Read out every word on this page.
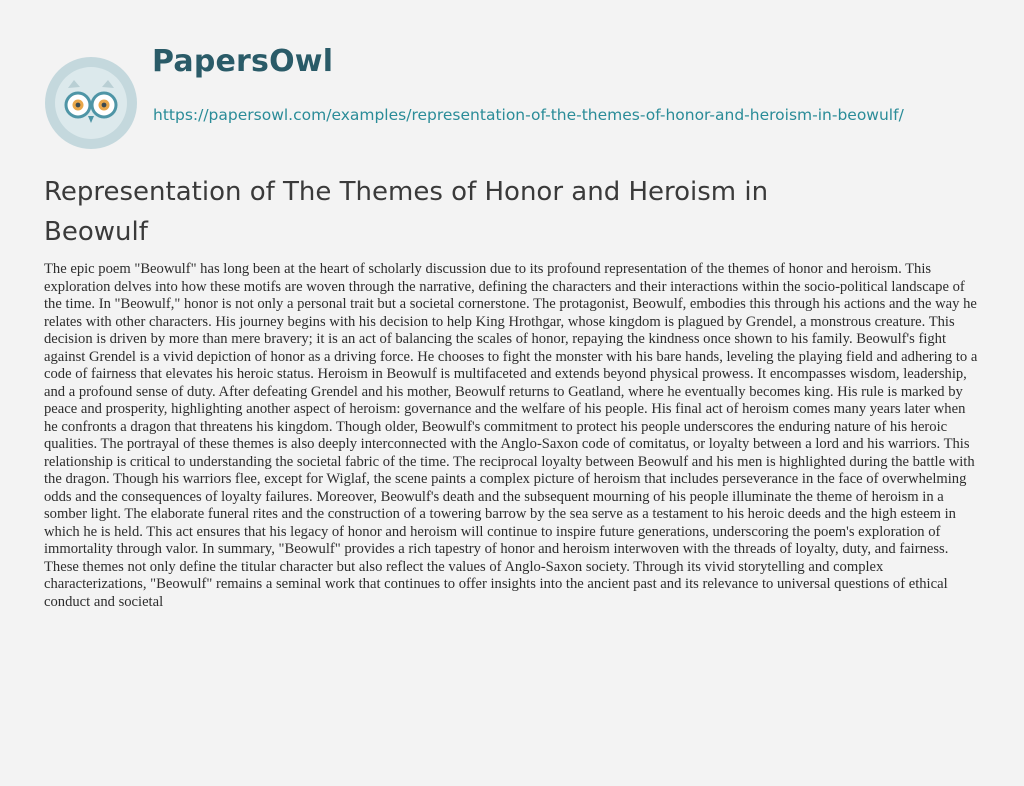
PapersOwl
https://papersowl.com/examples/representation-of-the-themes-of-honor-and-heroism-in-beowulf/
Representation of The Themes of Honor and Heroism in Beowulf

The epic poem "Beowulf" has long been at the heart of scholarly discussion due to its profound representation of the themes of honor and heroism. This exploration delves into how these motifs are woven through the narrative, defining the characters and their interactions within the socio-political landscape of the time. In "Beowulf," honor is not only a personal trait but a societal cornerstone. The protagonist, Beowulf, embodies this through his actions and the way he relates with other characters. His journey begins with his decision to help King Hrothgar, whose kingdom is plagued by Grendel, a monstrous creature. This decision is driven by more than mere bravery; it is an act of balancing the scales of honor, repaying the kindness once shown to his family. Beowulf's fight against Grendel is a vivid depiction of honor as a driving force. He chooses to fight the monster with his bare hands, leveling the playing field and adhering to a code of fairness that elevates his heroic status. Heroism in Beowulf is multifaceted and extends beyond physical prowess. It encompasses wisdom, leadership, and a profound sense of duty. After defeating Grendel and his mother, Beowulf returns to Geatland, where he eventually becomes king. His rule is marked by peace and prosperity, highlighting another aspect of heroism: governance and the welfare of his people. His final act of heroism comes many years later when he confronts a dragon that threatens his kingdom. Though older, Beowulf's commitment to protect his people underscores the enduring nature of his heroic qualities. The portrayal of these themes is also deeply interconnected with the Anglo-Saxon code of comitatus, or loyalty between a lord and his warriors. This relationship is critical to understanding the societal fabric of the time. The reciprocal loyalty between Beowulf and his men is highlighted during the battle with the dragon. Though his warriors flee, except for Wiglaf, the scene paints a complex picture of heroism that includes perseverance in the face of overwhelming odds and the consequences of loyalty failures. Moreover, Beowulf's death and the subsequent mourning of his people illuminate the theme of heroism in a somber light. The elaborate funeral rites and the construction of a towering barrow by the sea serve as a testament to his heroic deeds and the high esteem in which he is held. This act ensures that his legacy of honor and heroism will continue to inspire future generations, underscoring the poem's exploration of immortality through valor. In summary, "Beowulf" provides a rich tapestry of honor and heroism interwoven with the threads of loyalty, duty, and fairness. These themes not only define the titular character but also reflect the values of Anglo-Saxon society. Through its vivid storytelling and complex characterizations, "Beowulf" remains a seminal work that continues to offer insights into the ancient past and its relevance to universal questions of ethical conduct and societal
